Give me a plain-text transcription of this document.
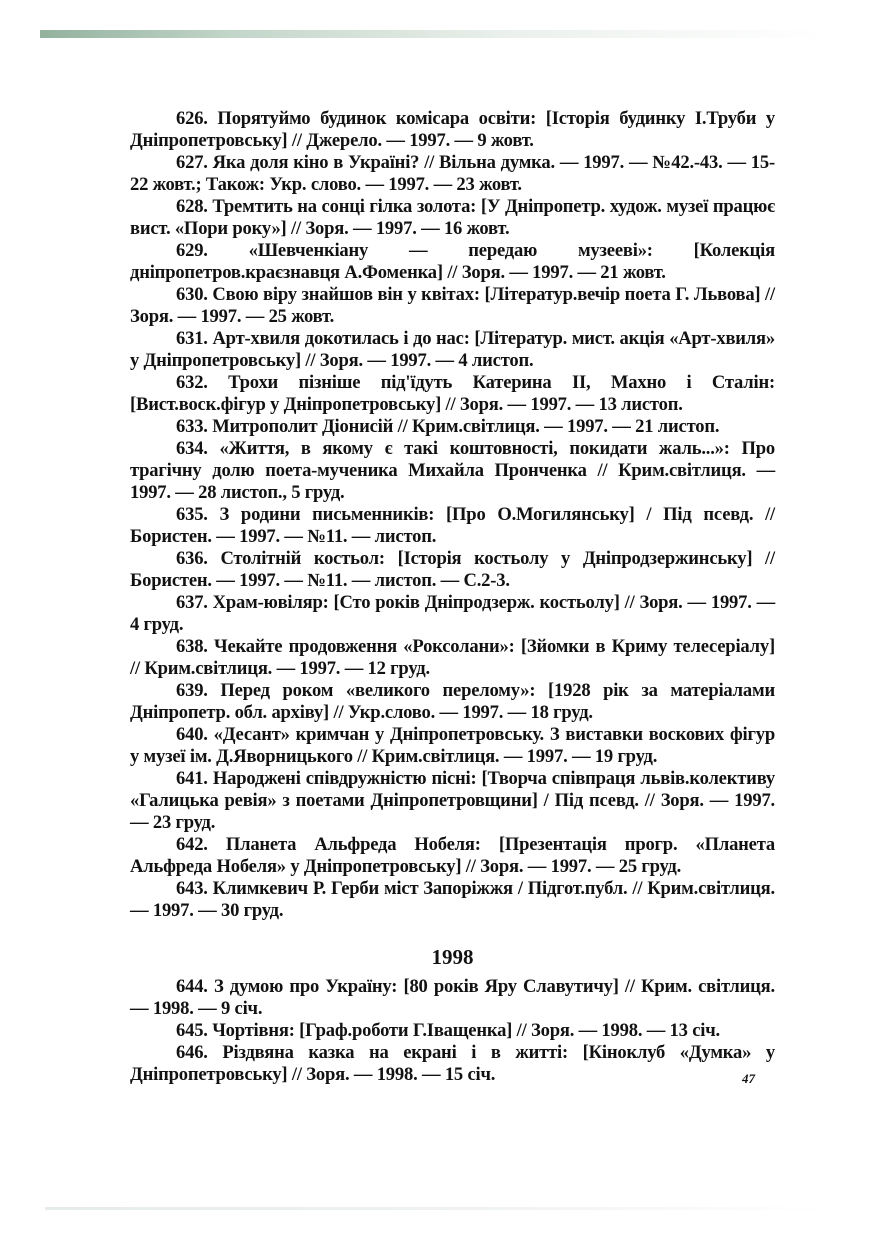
626. Порятуймо будинок комісара освіти: [Історія будинку І.Труби у Дніпропетровську] // Джерело. — 1997. — 9 жовт.

627. Яка доля кіно в Україні? // Вільна думка. — 1997. — №42.-43. — 15-22 жовт.; Також: Укр. слово. — 1997. — 23 жовт.

628. Тремтить на сонці гілка золота: [У Дніпропетр. худож. музеї працює вист. «Пори року»] // Зоря. — 1997. — 16 жовт.

629. «Шевченкіану — передаю музееві»: [Колекція дніпропетров.краєзнавця А.Фоменка] // Зоря. — 1997. — 21 жовт.

630. Свою віру знайшов він у квітах: [Літератур.вечір поета Г. Львова] // Зоря. — 1997. — 25 жовт.

631. Арт-хвиля докотилась і до нас: [Літератур. мист. акція «Арт-хвиля» у Дніпропетровську] // Зоря. — 1997. — 4 листоп.

632. Трохи пізніше під'їдуть Катерина II, Махно і Сталін: [Вист.воск.фігур у Дніпропетровську] // Зоря. — 1997. — 13 листоп.

633. Митрополит Діонисій // Крим.світлиця. — 1997. — 21 листоп.

634. «Життя, в якому є такі коштовності, покидати жаль...»: Про трагічну долю поета-мученика Михайла Пронченка // Крим.світлиця. — 1997. — 28 листоп., 5 груд.

635. З родини письменників: [Про О.Могилянську] / Під псевд. // Бористен. — 1997. — №11. — листоп.

636. Столітній костьол: [Історія костьолу у Дніпродзержинську] // Бористен. — 1997. — №11. — листоп. — С.2-3.

637. Храм-ювіляр: [Сто років Дніпродзерж. костьолу] // Зоря. — 1997. — 4 груд.

638. Чекайте продовження «Роксолани»: [Зйомки в Криму телесеріалу] // Крим.світлиця. — 1997. — 12 груд.

639. Перед роком «великого перелому»: [1928 рік за матеріалами Дніпропетр. обл. архіву] // Укр.слово. — 1997. — 18 груд.

640. «Десант» кримчан у Дніпропетровську. З виставки воскових фігур у музеї ім. Д.Яворницького // Крим.світлиця. — 1997. — 19 груд.

641. Народжені співдружністю пісні: [Творча співпраця львів.колективу «Галицька ревія» з поетами Дніпропетровщини] / Під псевд. // Зоря. — 1997. — 23 груд.

642. Планета Альфреда Нобеля: [Презентація прогр. «Планета Альфреда Нобеля» у Дніпропетровську] // Зоря. — 1997. — 25 груд.

643. Климкевич Р. Герби міст Запоріжжя / Підгот.публ. // Крим.світлиця. — 1997. — 30 груд.

1998

644. З думою про Україну: [80 років Яру Славутичу] // Крим. світлиця. — 1998. — 9 січ.

645. Чортівня: [Граф.роботи Г.Іващенка] // Зоря. — 1998. — 13 січ.

646. Різдвяна казка на екрані і в житті: [Кіноклуб «Думка» у Дніпропетровську] // Зоря. — 1998. — 15 січ.	47
